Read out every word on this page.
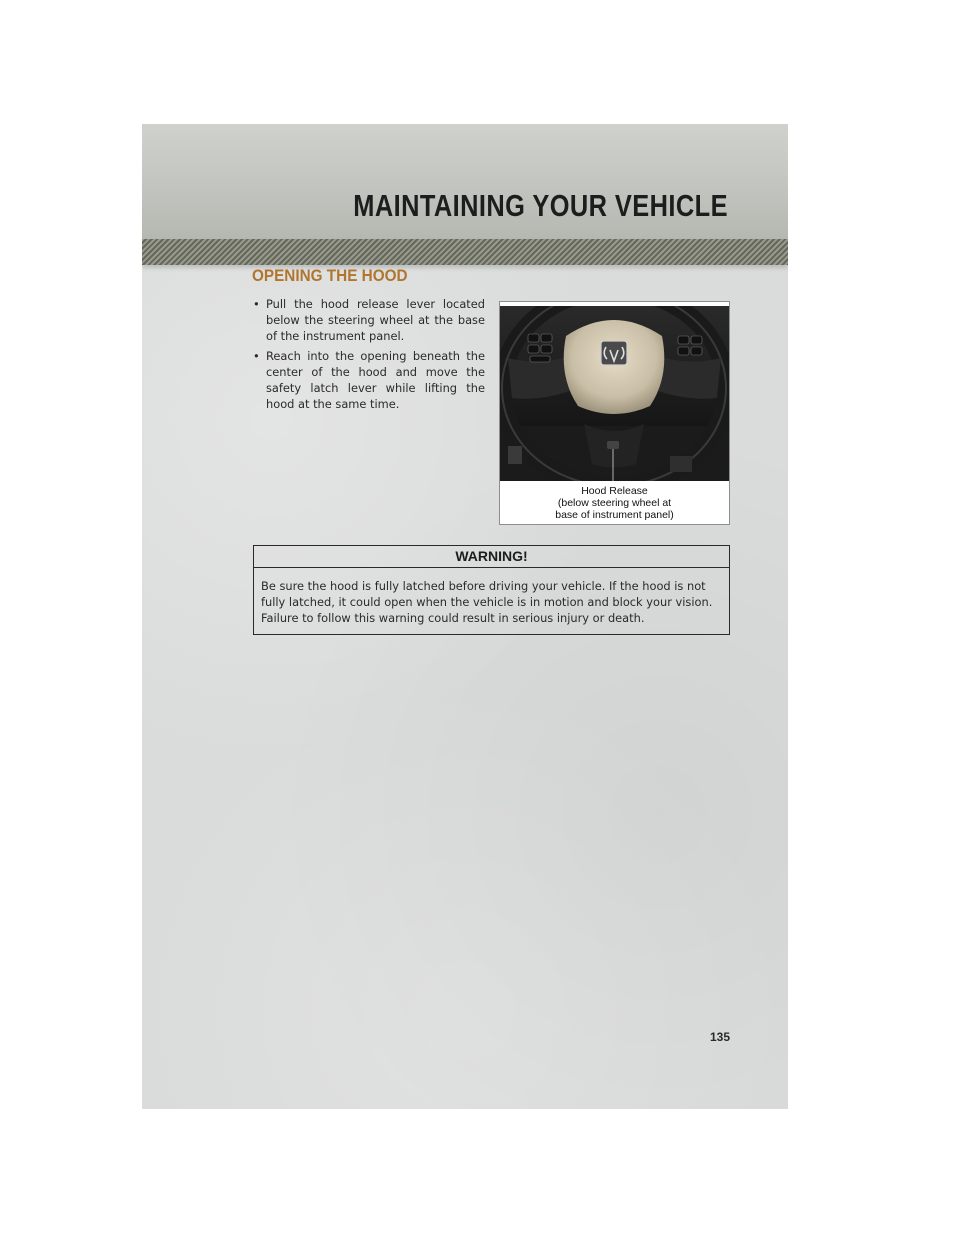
MAINTAINING YOUR VEHICLE
OPENING THE HOOD
• Pull the hood release lever located below the steering wheel at the base of the instrument panel.
• Reach into the opening beneath the center of the hood and move the safety latch lever while lifting the hood at the same time.
Hood Release
(below steering wheel at
base of instrument panel)
WARNING!
Be sure the hood is fully latched before driving your vehicle. If the hood is not fully latched, it could open when the vehicle is in motion and block your vision. Failure to follow this warning could result in serious injury or death.
135
